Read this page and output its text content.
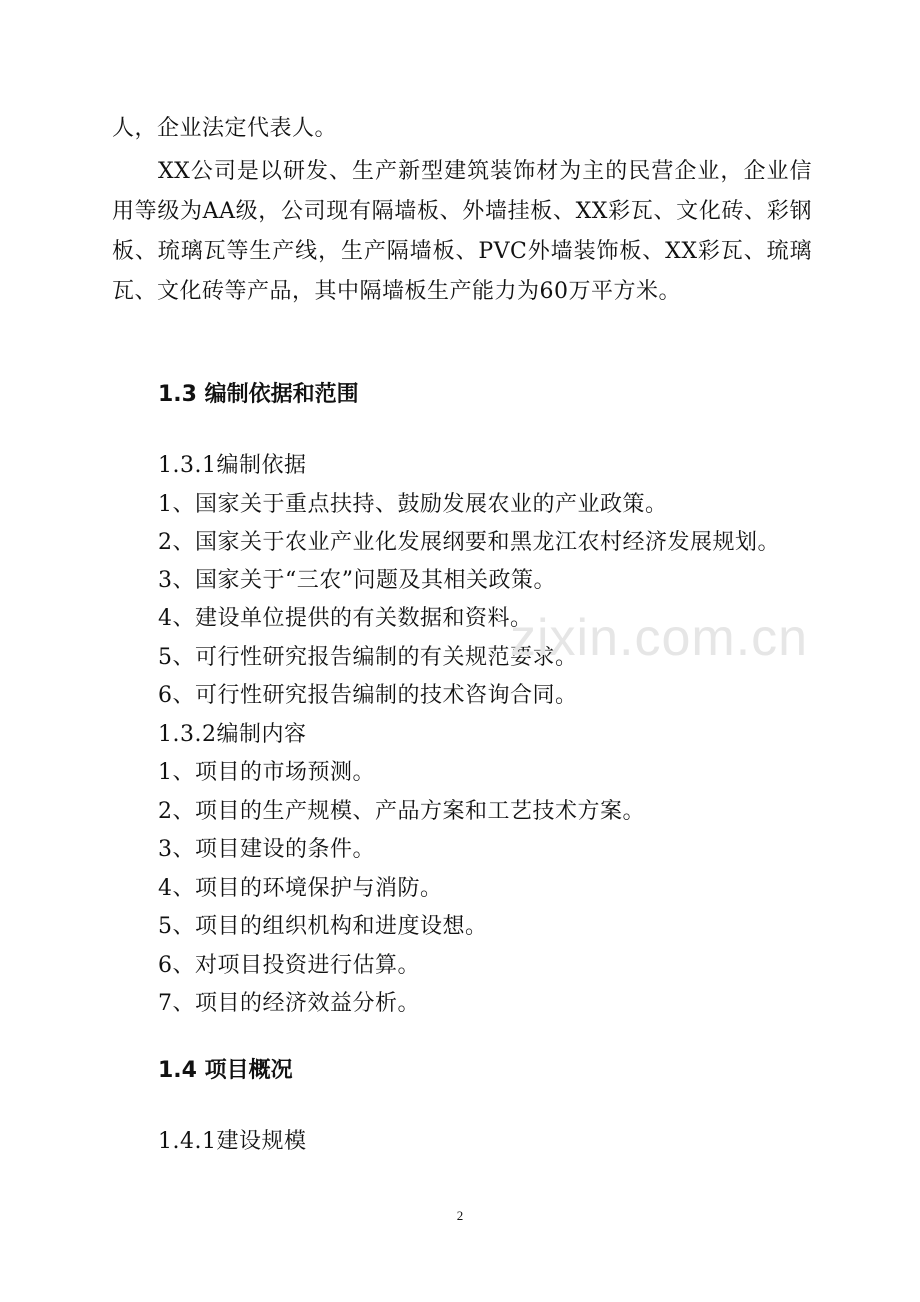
人，企业法定代表人。
XX公司是以研发、生产新型建筑装饰材为主的民营企业，企业信用等级为AA级，公司现有隔墙板、外墙挂板、XX彩瓦、文化砖、彩钢板、琉璃瓦等生产线，生产隔墙板、PVC外墙装饰板、XX彩瓦、琉璃瓦、文化砖等产品，其中隔墙板生产能力为60万平方米。
1.3 编制依据和范围
1.3.1编制依据
1、国家关于重点扶持、鼓励发展农业的产业政策。
2、国家关于农业产业化发展纲要和黑龙江农村经济发展规划。
3、国家关于“三农”问题及其相关政策。
4、建设单位提供的有关数据和资料。
5、可行性研究报告编制的有关规范要求。
6、可行性研究报告编制的技术咨询合同。
1.3.2编制内容
1、项目的市场预测。
2、项目的生产规模、产品方案和工艺技术方案。
3、项目建设的条件。
4、项目的环境保护与消防。
5、项目的组织机构和进度设想。
6、对项目投资进行估算。
7、项目的经济效益分析。
1.4 项目概况
1.4.1建设规模
zixin.com.cn
2
